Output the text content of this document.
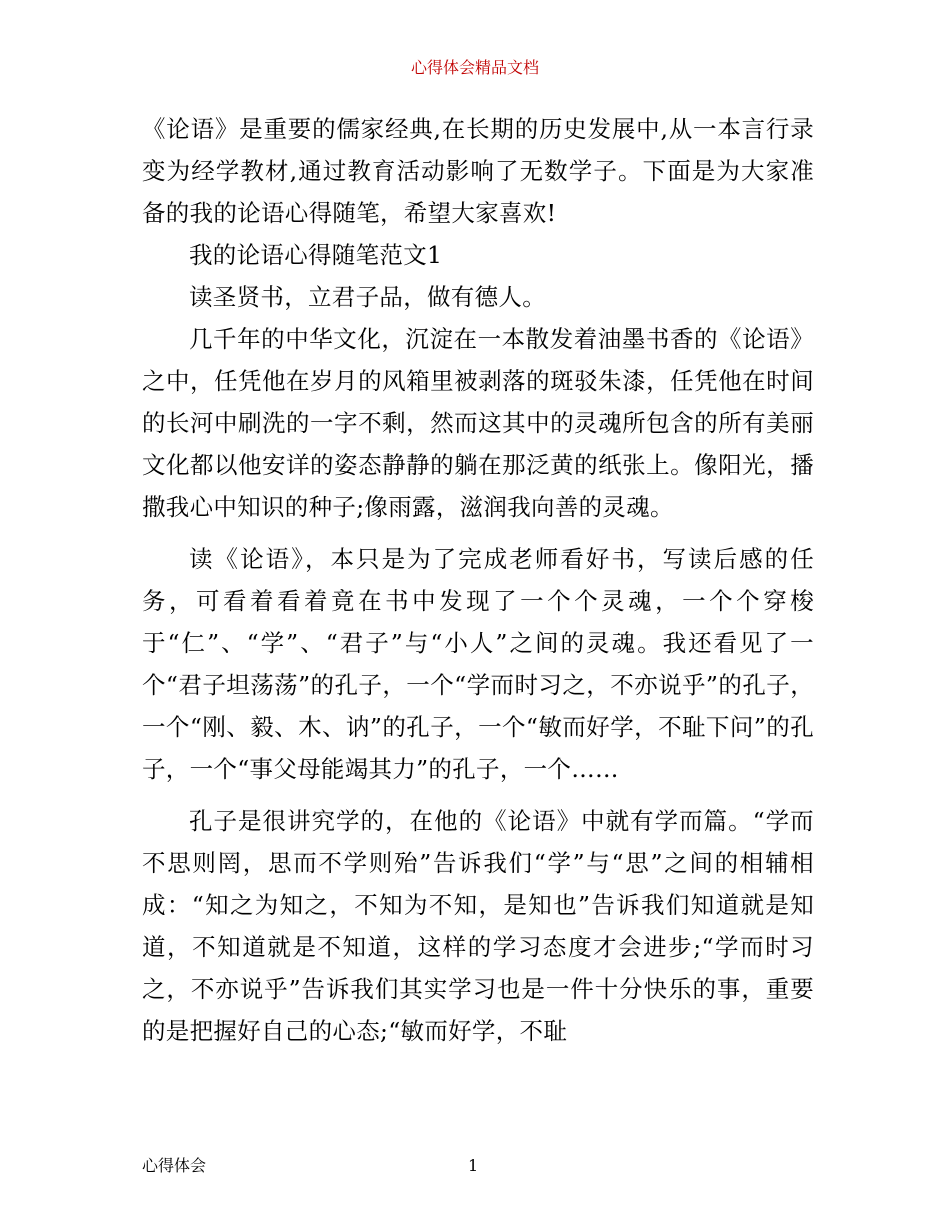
心得体会精品文档

《论语》是重要的儒家经典,在长期的历史发展中,从一本言行录变为经学教材,通过教育活动影响了无数学子。下面是为大家准备的我的论语心得随笔，希望大家喜欢!

我的论语心得随笔范文1

读圣贤书，立君子品，做有德人。

几千年的中华文化，沉淀在一本散发着油墨书香的《论语》之中，任凭他在岁月的风箱里被剥落的斑驳朱漆，任凭他在时间的长河中刷洗的一字不剩，然而这其中的灵魂所包含的所有美丽文化都以他安详的姿态静静的躺在那泛黄的纸张上。像阳光，播撒我心中知识的种子;像雨露，滋润我向善的灵魂。

读《论语》，本只是为了完成老师看好书，写读后感的任务，可看着看着竟在书中发现了一个个灵魂，一个个穿梭于“仁”、“学”、“君子”与“小人”之间的灵魂。我还看见了一个“君子坦荡荡”的孔子，一个“学而时习之，不亦说乎”的孔子，一个“刚、毅、木、讷”的孔子，一个“敏而好学，不耻下问”的孔子，一个“事父母能竭其力”的孔子，一个……

孔子是很讲究学的，在他的《论语》中就有学而篇。“学而不思则罔，思而不学则殆”告诉我们“学”与“思”之间的相辅相成：“知之为知之，不知为不知，是知也”告诉我们知道就是知道，不知道就是不知道，这样的学习态度才会进步;“学而时习之，不亦说乎”告诉我们其实学习也是一件十分快乐的事，重要的是把握好自己的心态;“敏而好学，不耻

心得体会	1
